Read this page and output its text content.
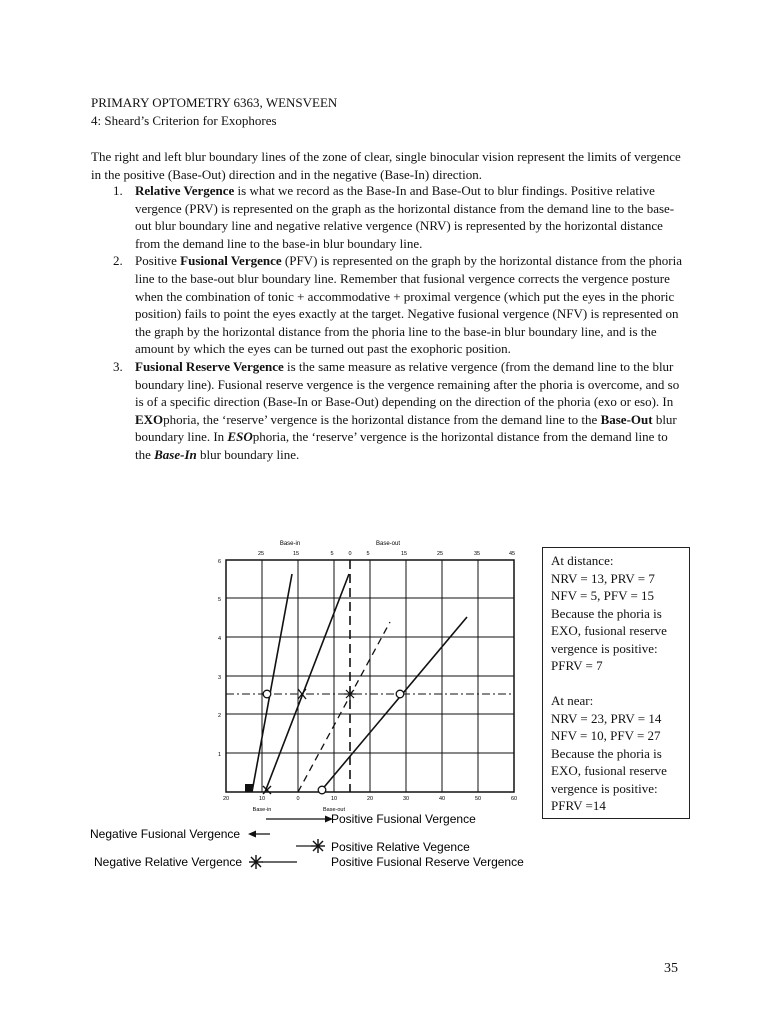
PRIMARY OPTOMETRY 6363, WENSVEEN
4: Sheard’s Criterion for Exophores

The right and left blur boundary lines of the zone of clear, single binocular vision represent the limits of vergence in the positive (Base-Out) direction and in the negative (Base-In) direction.

1. Relative Vergence is what we record as the Base-In and Base-Out to blur findings. Positive relative vergence (PRV) is represented on the graph as the horizontal distance from the demand line to the base-out blur boundary line and negative relative vergence (NRV) is represented by the horizontal distance from the demand line to the base-in blur boundary line.
2. Positive Fusional Vergence (PFV) is represented on the graph by the horizontal distance from the phoria line to the base-out blur boundary line. Remember that fusional vergence corrects the vergence posture when the combination of tonic + accommodative + proximal vergence (which put the eyes in the phoric position) fails to point the eyes exactly at the target. Negative fusional vergence (NFV) is represented on the graph by the horizontal distance from the phoria line to the base-in blur boundary line, and is the amount by which the eyes can be turned out past the exophoric position.
3. Fusional Reserve Vergence is the same measure as relative vergence (from the demand line to the blur boundary line). Fusional reserve vergence is the vergence remaining after the phoria is overcome, and so is of a specific direction (Base-In or Base-Out) depending on the direction of the phoria (exo or eso). In EXOphoria, the ‘reserve’ vergence is the horizontal distance from the demand line to the Base-Out blur boundary line. In ESOphoria, the ‘reserve’ vergence is the horizontal distance from the demand line to the Base-In blur boundary line.
Base-in	Base-out
25	15	5	0	5	15	25	35	45
20	10	0	10	20	30	40	50	60
Base-in	Base-out
6
5
4
3
2
1
Positive Fusional Vergence
Negative Fusional Vergence
Positive Relative Vegence
Positive Fusional Reserve Vergence
Negative Relative Vergence
At distance:
NRV = 13, PRV = 7
NFV = 5, PFV = 15
Because the phoria is
EXO, fusional reserve
vergence is positive:
PFRV = 7
At near:
NRV = 23, PRV = 14
NFV = 10, PFV = 27
Because the phoria is
EXO, fusional reserve
vergence is positive:
PFRV =14
35
